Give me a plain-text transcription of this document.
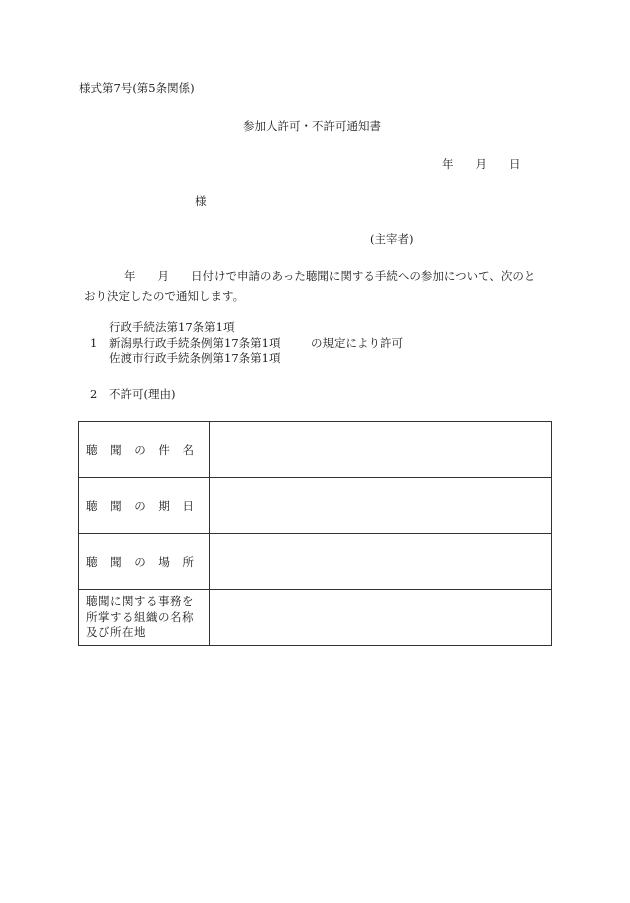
様式第7号(第5条関係)
参加人許可・不許可通知書
年 月 日
様
(主宰者)
年 月 日付けで申請のあった聴聞に関する手続への参加について、次のと
おり決定したので通知します。
1
行政手続法第17条第1項
新潟県行政手続条例第17条第1項
佐渡市行政手続条例第17条第1項
の規定により許可
2 不許可(理由)
聴 聞 の 件 名	

聴 聞 の 期 日	

聴 聞 の 場 所	

聴聞に関する事務を
所掌する組織の名称
及び所在地	
